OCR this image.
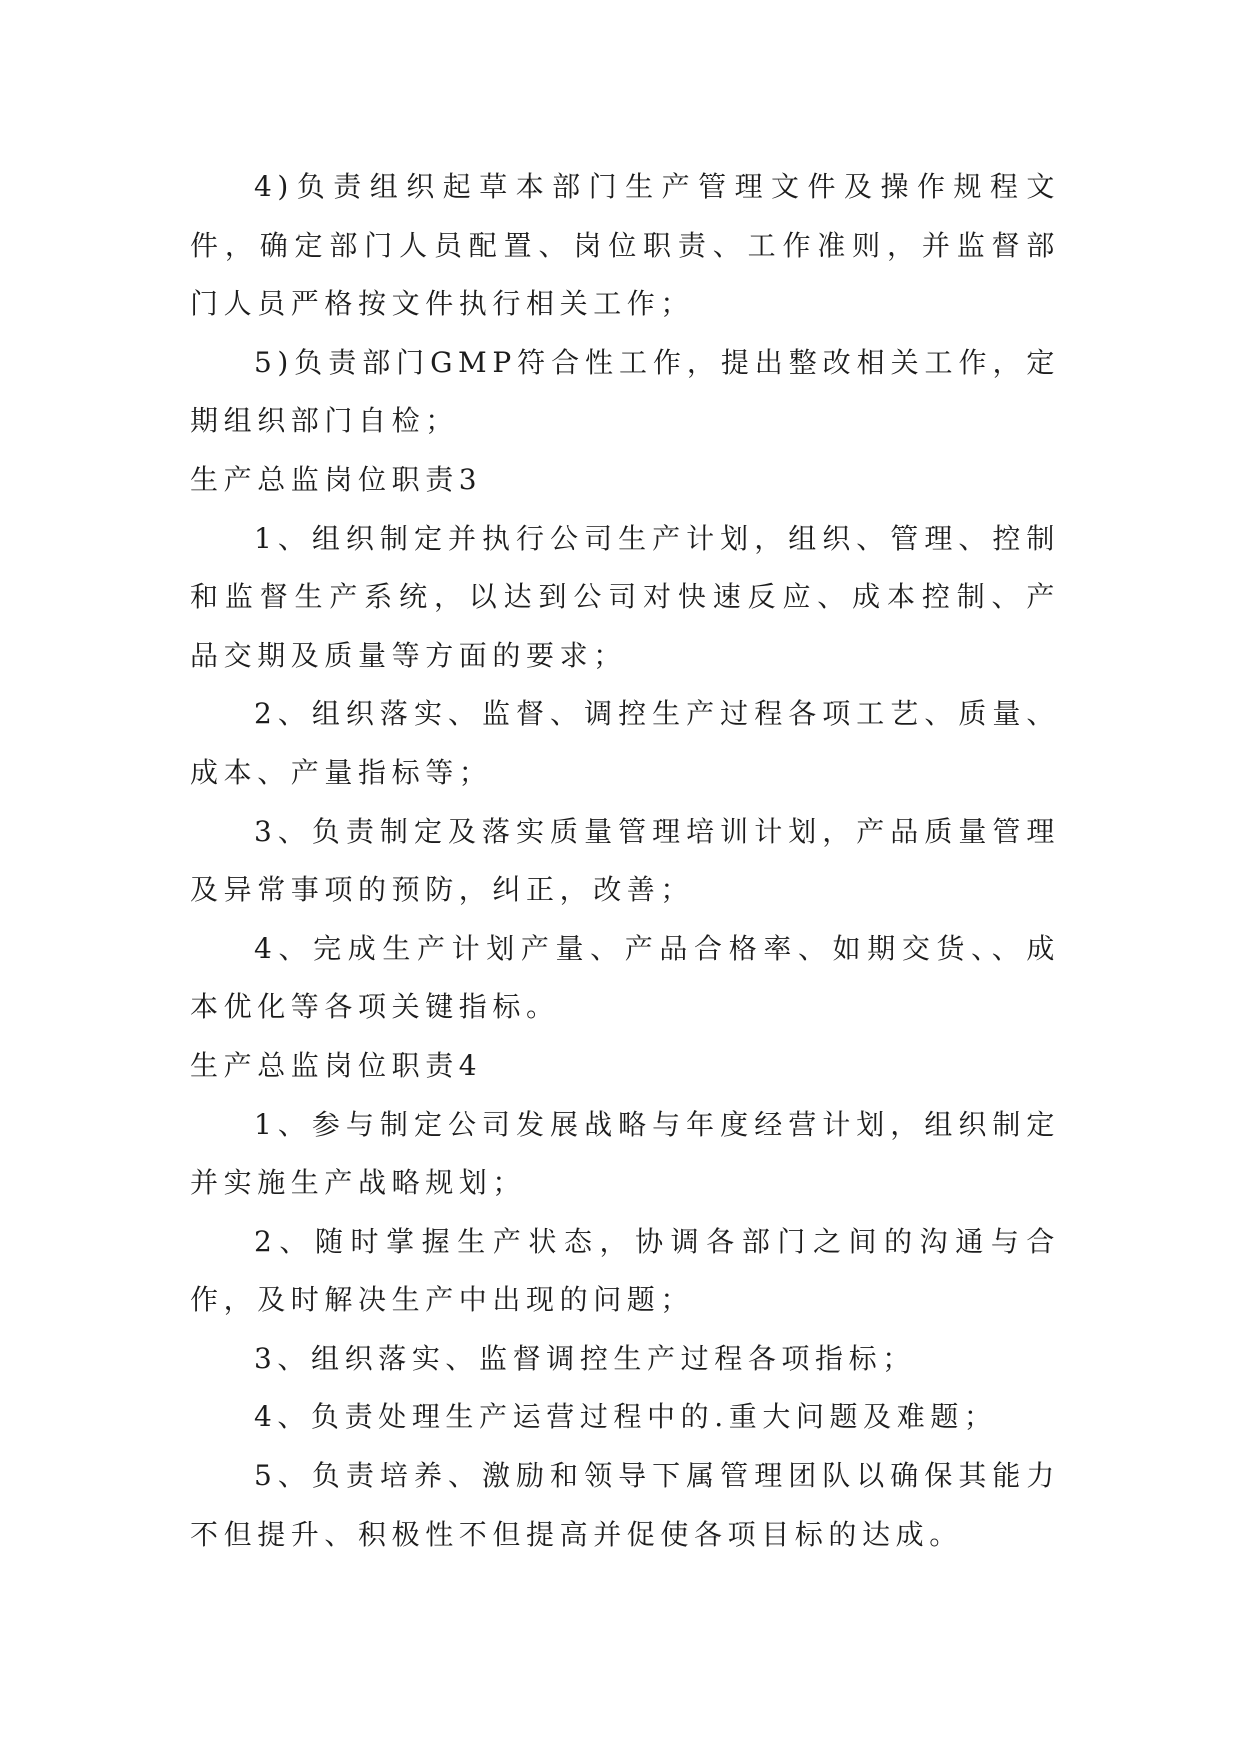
4)负责组织起草本部门生产管理文件及操作规程文件，确定部门人员配置、岗位职责、工作准则，并监督部门人员严格按文件执行相关工作；

5)负责部门GMP符合性工作，提出整改相关工作，定期组织部门自检；

生产总监岗位职责3

1、组织制定并执行公司生产计划，组织、管理、控制和监督生产系统，以达到公司对快速反应、成本控制、产品交期及质量等方面的要求；

2、组织落实、监督、调控生产过程各项工艺、质量、成本、产量指标等；

3、负责制定及落实质量管理培训计划，产品质量管理及异常事项的预防，纠正，改善；

4、完成生产计划产量、产品合格率、如期交货、、成本优化等各项关键指标。

生产总监岗位职责4

1、参与制定公司发展战略与年度经营计划，组织制定并实施生产战略规划；

2、随时掌握生产状态，协调各部门之间的沟通与合作，及时解决生产中出现的问题；

3、组织落实、监督调控生产过程各项指标；

4、负责处理生产运营过程中的.重大问题及难题；

5、负责培养、激励和领导下属管理团队以确保其能力不但提升、积极性不但提高并促使各项目标的达成。
